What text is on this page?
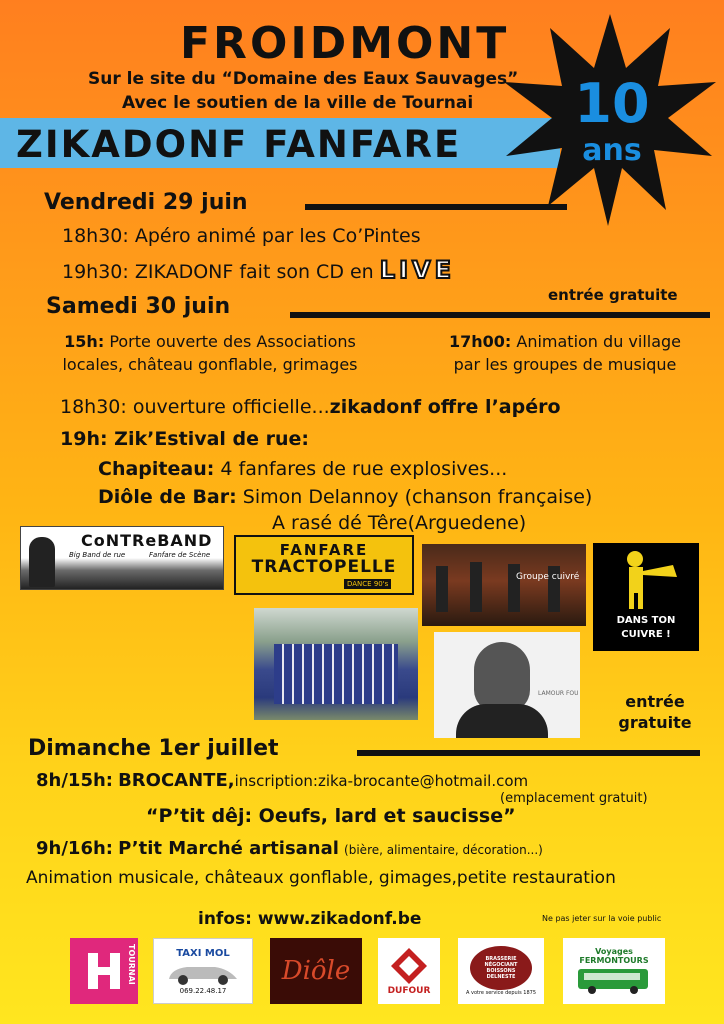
FROIDMONT
Sur le site du “Domaine des Eaux Sauvages”
Avec le soutien de la ville de Tournai
ZIKADONF FANFARE
10
ans
Vendredi 29 juin
18h30: Apéro animé par les Co’Pintes
19h30: ZIKADONF fait son CD en LIVE
entrée gratuite
Samedi 30 juin
15h: Porte ouverte des Associations
locales, château gonflable, grimages
17h00: Animation du village
par les groupes de musique
18h30: ouverture officielle...zikadonf offre l’apéro
19h: Zik’Estival de rue:
Chapiteau: 4 fanfares de rue explosives...
Diôle de Bar: Simon Delannoy (chanson française)
A rasé dé Têre(Arguedene)
CoNTReBAND
Big Band de rue	Fanfare de Scène	FANFARE
TRACTOPELLE
DANCE 90's
Groupe cuivré
DANS TON
CUIVRE !
LAMOUR FOU	entrée
gratuite
Dimanche 1er juillet
8h/15h: BROCANTE,inscription:zika-brocante@hotmail.com
(emplacement gratuit)
“P’tit dêj: Oeufs, lard et saucisse”
9h/16h: P’tit Marché artisanal (bière, alimentaire, décoration...)
Animation musicale, châteaux gonflable, gimages,petite restauration
infos: www.zikadonf.be	Ne pas jeter sur la voie public
TOURNAI	TAXI MOL
069.22.48.17
Diôle
DUFOUR
BRASSERIE NÉGOCIANT BOISSONS DELNESTE
A votre service depuis 1875
Voyages FERMONTOURS
